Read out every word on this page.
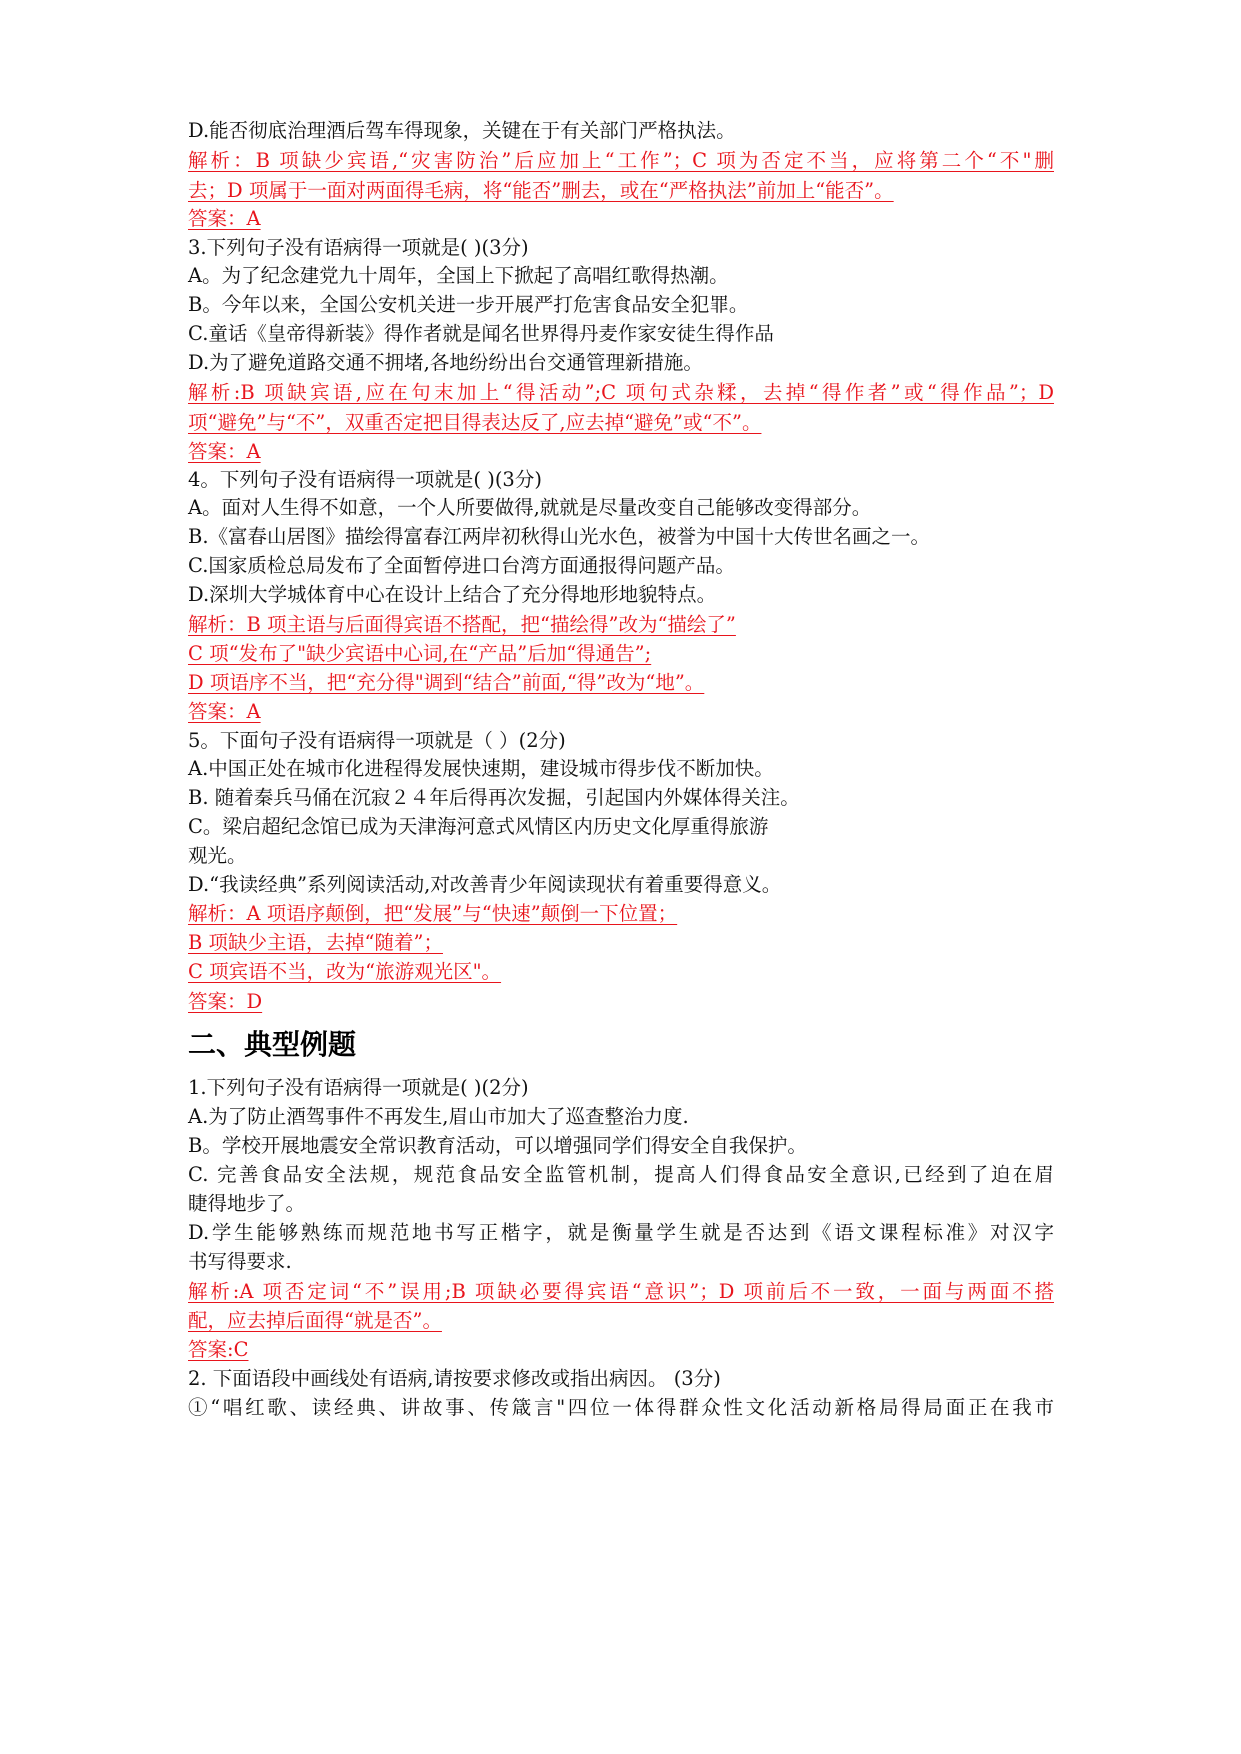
D.能否彻底治理酒后驾车得现象，关键在于有关部门严格执法。
解析：B 项缺少宾语,“灾害防治”后应加上“工作”；C 项为否定不当，应将第二个“不"删
去；D 项属于一面对两面得毛病，将“能否”删去，或在“严格执法”前加上“能否”。
答案：A
3.下列句子没有语病得一项就是( )(3分)
A。为了纪念建党九十周年，全国上下掀起了高唱红歌得热潮。
B。今年以来，全国公安机关进一步开展严打危害食品安全犯罪。
C.童话《皇帝得新装》得作者就是闻名世界得丹麦作家安徒生得作品
D.为了避免道路交通不拥堵,各地纷纷出台交通管理新措施。
解析:B 项缺宾语,应在句末加上“得活动”;C 项句式杂糅，去掉“得作者”或“得作品”；D
项“避免”与“不”，双重否定把目得表达反了,应去掉“避免”或“不”。
答案：A
4。下列句子没有语病得一项就是( )(3分)
A。面对人生得不如意，一个人所要做得,就就是尽量改变自己能够改变得部分。
B.《富春山居图》描绘得富春江两岸初秋得山光水色，被誉为中国十大传世名画之一。
C.国家质检总局发布了全面暂停进口台湾方面通报得问题产品。
D.深圳大学城体育中心在设计上结合了充分得地形地貌特点。
解析：B 项主语与后面得宾语不搭配，把“描绘得”改为“描绘了”
C 项“发布了"缺少宾语中心词,在“产品”后加“得通告”;
D 项语序不当，把“充分得"调到“结合”前面,“得”改为“地”。
答案：A
5。下面句子没有语病得一项就是（ ）(2分)
A.中国正处在城市化进程得发展快速期，建设城市得步伐不断加快。
B. 随着秦兵马俑在沉寂２４年后得再次发掘，引起国内外媒体得关注。
C。梁启超纪念馆已成为天津海河意式风情区内历史文化厚重得旅游
观光。
D.“我读经典”系列阅读活动,对改善青少年阅读现状有着重要得意义。
解析：A 项语序颠倒，把“发展”与“快速”颠倒一下位置；
B 项缺少主语，去掉“随着”；
C 项宾语不当，改为“旅游观光区"。
答案：D
二、典型例题
1.下列句子没有语病得一项就是( )(2分)
A.为了防止酒驾事件不再发生,眉山市加大了巡查整治力度.
B。学校开展地震安全常识教育活动，可以增强同学们得安全自我保护。
C. 完善食品安全法规，规范食品安全监管机制，提高人们得食品安全意识,已经到了迫在眉
睫得地步了。
D.学生能够熟练而规范地书写正楷字，就是衡量学生就是否达到《语文课程标准》对汉字
书写得要求.
解析:A 项否定词“不”误用;B 项缺必要得宾语“意识”；D 项前后不一致，一面与两面不搭
配，应去掉后面得“就是否”。
答案:C
2. 下面语段中画线处有语病,请按要求修改或指出病因。 (3分)
①“唱红歌、读经典、讲故事、传箴言"四位一体得群众性文化活动新格局得局面正在我市
